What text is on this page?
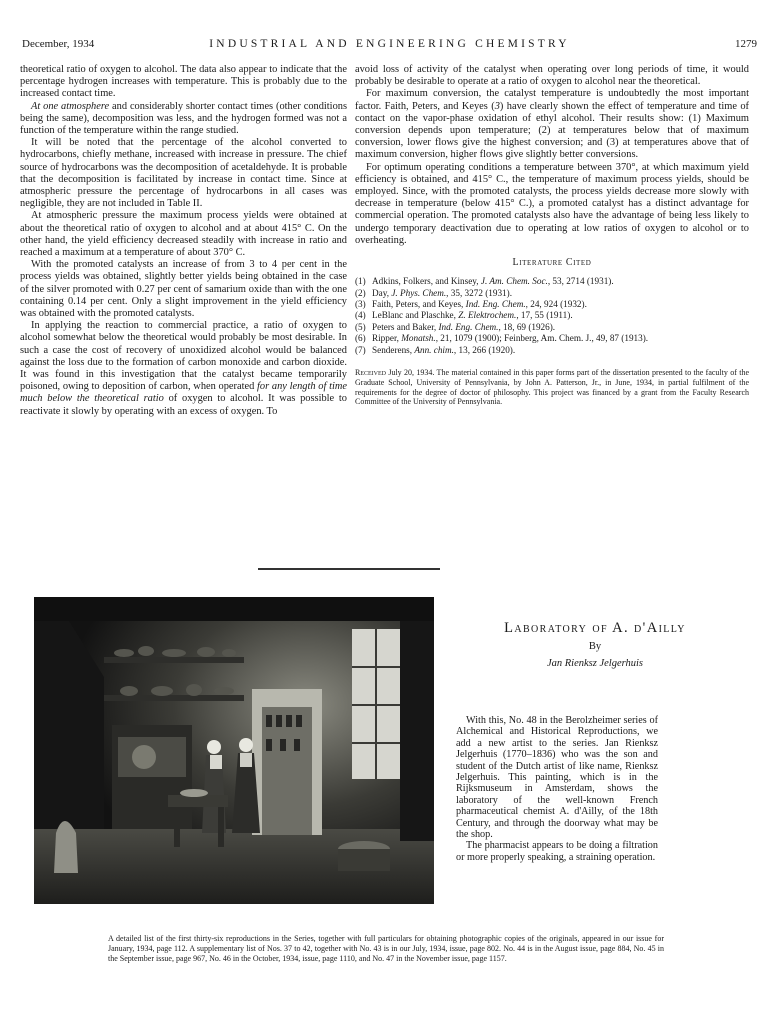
December, 1934	INDUSTRIAL AND ENGINEERING CHEMISTRY	1279

theoretical ratio of oxygen to alcohol. The data also appear to indicate that the percentage hydrogen increases with temperature. This is probably due to the increased contact time.

At one atmosphere and considerably shorter contact times (other conditions being the same), decomposition was less, and the hydrogen formed was not a function of the temperature within the range studied.

It will be noted that the percentage of the alcohol converted to hydrocarbons, chiefly methane, increased with increase in pressure. The chief source of hydrocarbons was the decomposition of acetaldehyde. It is probable that the decomposition is facilitated by increase in contact time. Since at atmospheric pressure the percentage of hydrocarbons in all cases was negligible, they are not included in Table II.

At atmospheric pressure the maximum process yields were obtained at about the theoretical ratio of oxygen to alcohol and at about 415° C. On the other hand, the yield efficiency decreased steadily with increase in ratio and reached a maximum at a temperature of about 370° C.

With the promoted catalysts an increase of from 3 to 4 per cent in the process yields was obtained, slightly better yields being obtained in the case of the silver promoted with 0.27 per cent of samarium oxide than with the one containing 0.14 per cent. Only a slight improvement in the yield efficiency was obtained with the promoted catalysts.

In applying the reaction to commercial practice, a ratio of oxygen to alcohol somewhat below the theoretical would probably be most desirable. In such a case the cost of recovery of unoxidized alcohol would be balanced against the loss due to the formation of carbon monoxide and carbon dioxide. It was found in this investigation that the catalyst became temporarily poisoned, owing to deposition of carbon, when operated for any length of time much below the theoretical ratio of oxygen to alcohol. It was possible to reactivate it slowly by operating with an excess of oxygen. To

avoid loss of activity of the catalyst when operating over long periods of time, it would probably be desirable to operate at a ratio of oxygen to alcohol near the theoretical.

For maximum conversion, the catalyst temperature is undoubtedly the most important factor. Faith, Peters, and Keyes (3) have clearly shown the effect of temperature and time of contact on the vapor-phase oxidation of ethyl alcohol. Their results show: (1) Maximum conversion depends upon temperature; (2) at temperatures below that of maximum conversion, lower flows give the highest conversion; and (3) at temperatures above that of maximum conversion, higher flows give slightly better conversions.

For optimum operating conditions a temperature between 370°, at which maximum yield efficiency is obtained, and 415° C., the temperature of maximum process yields, should be employed. Since, with the promoted catalysts, the process yields decrease more slowly with decrease in temperature (below 415° C.), a promoted catalyst has a distinct advantage for commercial operation. The promoted catalysts also have the advantage of being less likely to undergo temporary deactivation due to operating at low ratios of oxygen to alcohol or to overheating.

Literature Cited
(1) Adkins, Folkers, and Kinsey, J. Am. Chem. Soc., 53, 2714 (1931).
(2) Day, J. Phys. Chem., 35, 3272 (1931).
(3) Faith, Peters, and Keyes, Ind. Eng. Chem., 24, 924 (1932).
(4) LeBlanc and Plaschke, Z. Elektrochem., 17, 55 (1911).
(5) Peters and Baker, Ind. Eng. Chem., 18, 69 (1926).
(6) Ripper, Monatsh., 21, 1079 (1900); Feinberg, Am. Chem. J., 49, 87 (1913).
(7) Senderens, Ann. chim., 13, 266 (1920).
Received July 20, 1934. The material contained in this paper forms part of the dissertation presented to the faculty of the Graduate School, University of Pennsylvania, by John A. Patterson, Jr., in June, 1934, in partial fulfilment of the requirements for the degree of doctor of philosophy. This project was financed by a grant from the Faculty Research Committee of the University of Pennsylvania.
Laboratory of A. d'Ailly
By
Jan Rienksz Jelgerhuis

With this, No. 48 in the Berolzheimer series of Alchemical and Historical Reproductions, we add a new artist to the series. Jan Rienksz Jelgerhuis (1770–1836) who was the son and student of the Dutch artist of like name, Rienksz Jelgerhuis. This painting, which is in the Rijksmuseum in Amsterdam, shows the laboratory of the well-known French pharmaceutical chemist A. d'Ailly, of the 18th Century, and through the doorway what may be the shop.

The pharmacist appears to be doing a filtration or more properly speaking, a straining operation.

A detailed list of the first thirty-six reproductions in the Series, together with full particulars for obtaining photographic copies of the originals, appeared in our issue for January, 1934, page 112. A supplementary list of Nos. 37 to 42, together with No. 43 is in our July, 1934, issue, page 802. No. 44 is in the August issue, page 884, No. 45 in the September issue, page 967, No. 46 in the October, 1934, issue, page 1110, and No. 47 in the November issue, page 1157.
